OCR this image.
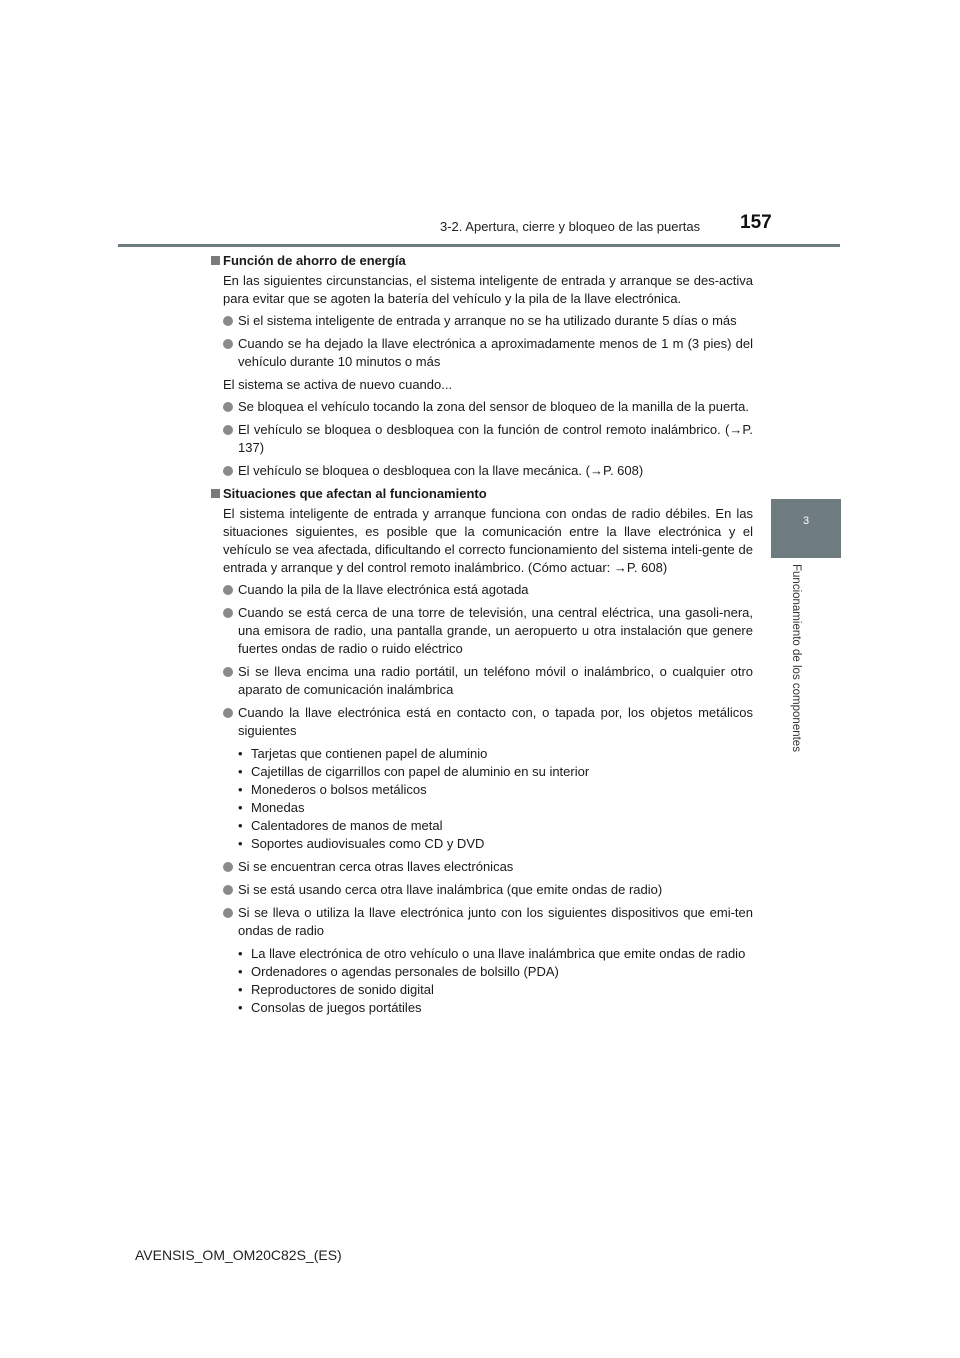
3-2. Apertura, cierre y bloqueo de las puertas 157
3
Funcionamiento de los componentes
Función de ahorro de energía

En las siguientes circunstancias, el sistema inteligente de entrada y arranque se des-activa para evitar que se agoten la batería del vehículo y la pila de la llave electrónica.

Si el sistema inteligente de entrada y arranque no se ha utilizado durante 5 días o más
Cuando se ha dejado la llave electrónica a aproximadamente menos de 1 m (3 pies) del vehículo durante 10 minutos o más

El sistema se activa de nuevo cuando...

Se bloquea el vehículo tocando la zona del sensor de bloqueo de la manilla de la puerta.
El vehículo se bloquea o desbloquea con la función de control remoto inalámbrico. (→P. 137)
El vehículo se bloquea o desbloquea con la llave mecánica. (→P. 608)
Situaciones que afectan al funcionamiento

El sistema inteligente de entrada y arranque funciona con ondas de radio débiles. En las situaciones siguientes, es posible que la comunicación entre la llave electrónica y el vehículo se vea afectada, dificultando el correcto funcionamiento del sistema inteli-gente de entrada y arranque y del control remoto inalámbrico. (Cómo actuar: →P. 608)

Cuando la pila de la llave electrónica está agotada
Cuando se está cerca de una torre de televisión, una central eléctrica, una gasoli-nera, una emisora de radio, una pantalla grande, un aeropuerto u otra instalación que genere fuertes ondas de radio o ruido eléctrico
Si se lleva encima una radio portátil, un teléfono móvil o inalámbrico, o cualquier otro aparato de comunicación inalámbrica
Cuando la llave electrónica está en contacto con, o tapada por, los objetos metálicos siguientes
• Tarjetas que contienen papel de aluminio
• Cajetillas de cigarrillos con papel de aluminio en su interior
• Monederos o bolsos metálicos
• Monedas
• Calentadores de manos de metal
• Soportes audiovisuales como CD y DVD
Si se encuentran cerca otras llaves electrónicas
Si se está usando cerca otra llave inalámbrica (que emite ondas de radio)
Si se lleva o utiliza la llave electrónica junto con los siguientes dispositivos que emi-ten ondas de radio
• La llave electrónica de otro vehículo o una llave inalámbrica que emite ondas de radio
• Ordenadores o agendas personales de bolsillo (PDA)
• Reproductores de sonido digital
• Consolas de juegos portátiles
AVENSIS_OM_OM20C82S_(ES)
